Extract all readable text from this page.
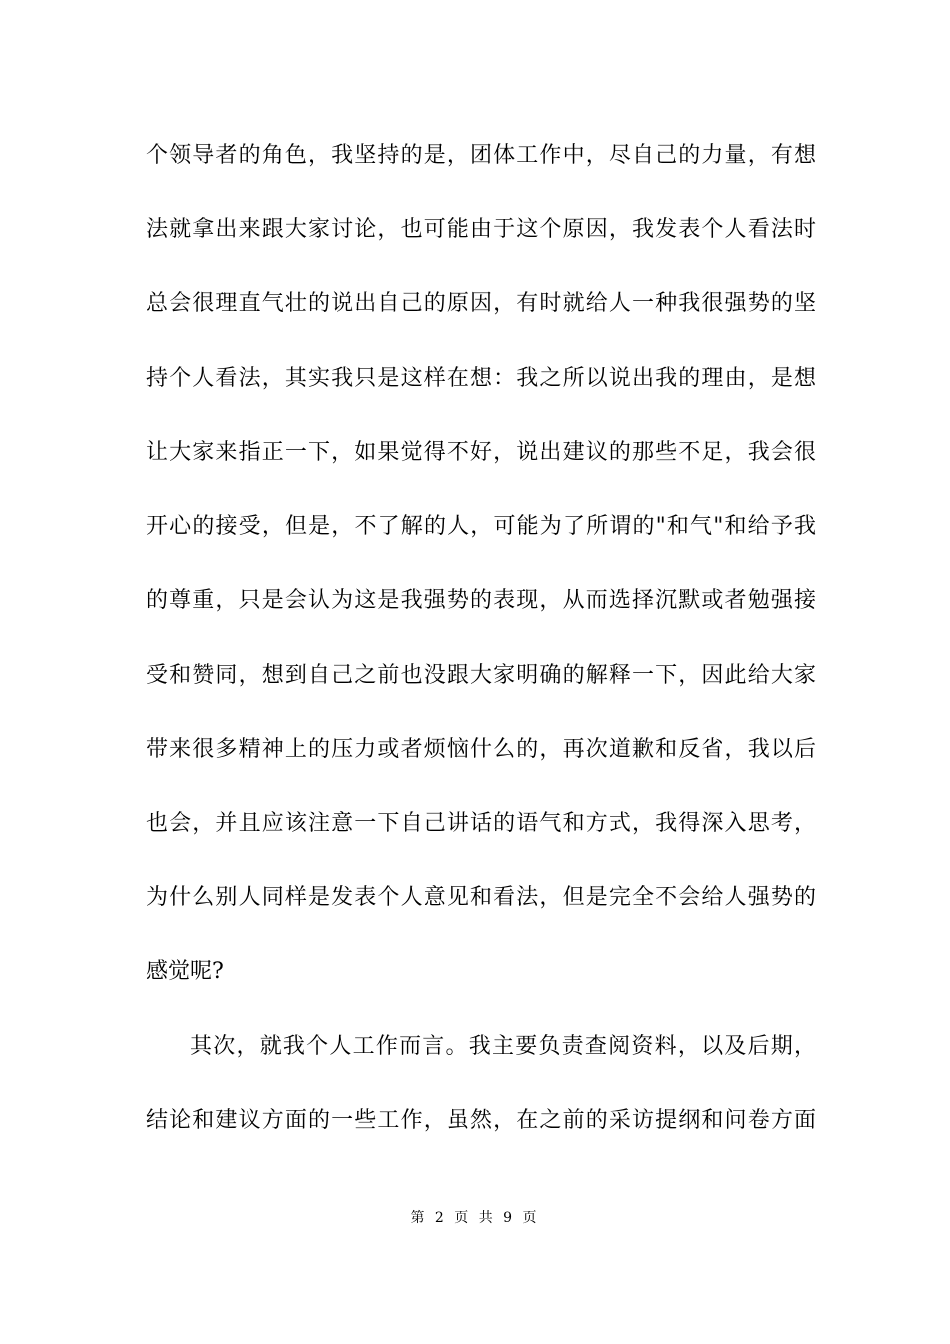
个领导者的角色，我坚持的是，团体工作中，尽自己的力量，有想
法就拿出来跟大家讨论，也可能由于这个原因，我发表个人看法时
总会很理直气壮的说出自己的原因，有时就给人一种我很强势的坚
持个人看法，其实我只是这样在想：我之所以说出我的理由，是想
让大家来指正一下，如果觉得不好，说出建议的那些不足，我会很
开心的接受，但是，不了解的人，可能为了所谓的"和气"和给予我
的尊重，只是会认为这是我强势的表现，从而选择沉默或者勉强接
受和赞同，想到自己之前也没跟大家明确的解释一下，因此给大家
带来很多精神上的压力或者烦恼什么的，再次道歉和反省，我以后
也会，并且应该注意一下自己讲话的语气和方式，我得深入思考，
为什么别人同样是发表个人意见和看法，但是完全不会给人强势的
感觉呢?
其次，就我个人工作而言。我主要负责查阅资料，以及后期，
结论和建议方面的一些工作，虽然，在之前的采访提纲和问卷方面
第 2 页 共 9 页
